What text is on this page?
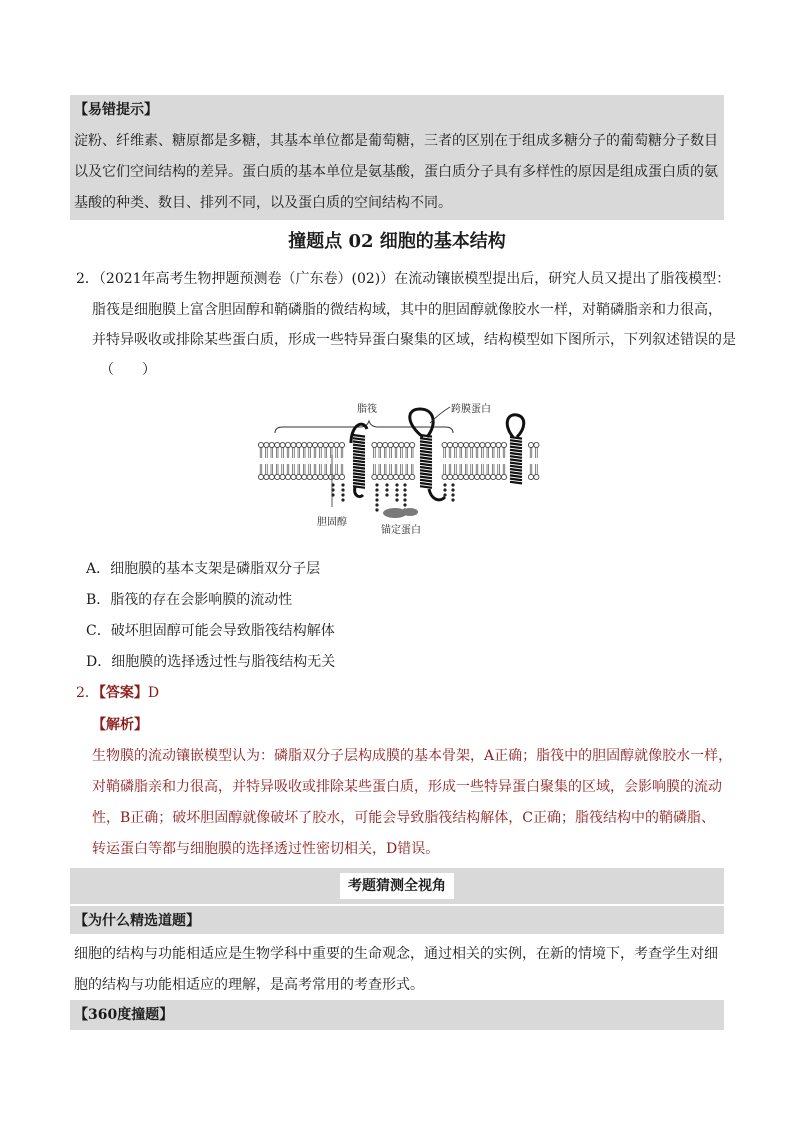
【易错提示】
淀粉、纤维素、糖原都是多糖，其基本单位都是葡萄糖，三者的区别在于组成多糖分子的葡萄糖分子数目
以及它们空间结构的差异。蛋白质的基本单位是氨基酸，蛋白质分子具有多样性的原因是组成蛋白质的氨
基酸的种类、数目、排列不同，以及蛋白质的空间结构不同。
撞题点 02 细胞的基本结构
2．（2021年高考生物押题预测卷（广东卷）(02)）在流动镶嵌模型提出后，研究人员又提出了脂筏模型：
脂筏是细胞膜上富含胆固醇和鞘磷脂的微结构域，其中的胆固醇就像胶水一样，对鞘磷脂亲和力很高，
并特异吸收或排除某些蛋白质，形成一些特异蛋白聚集的区域，结构模型如下图所示，下列叙述错误的是
（　　）
脂筏	跨膜蛋白
胆固醇
锚定蛋白
A．细胞膜的基本支架是磷脂双分子层
B．脂筏的存在会影响膜的流动性
C．破坏胆固醇可能会导致脂筏结构解体
D．细胞膜的选择透过性与脂筏结构无关
2．【答案】D
【解析】
生物膜的流动镶嵌模型认为：磷脂双分子层构成膜的基本骨架，A正确；脂筏中的胆固醇就像胶水一样，
对鞘磷脂亲和力很高，并特异吸收或排除某些蛋白质，形成一些特异蛋白聚集的区域，会影响膜的流动
性，B正确；破坏胆固醇就像破坏了胶水，可能会导致脂筏结构解体，C正确；脂筏结构中的鞘磷脂、
转运蛋白等都与细胞膜的选择透过性密切相关，D错误。
考题猜测全视角
【为什么精选道题】
细胞的结构与功能相适应是生物学科中重要的生命观念，通过相关的实例，在新的情境下，考查学生对细
胞的结构与功能相适应的理解，是高考常用的考查形式。
【360度撞题】
